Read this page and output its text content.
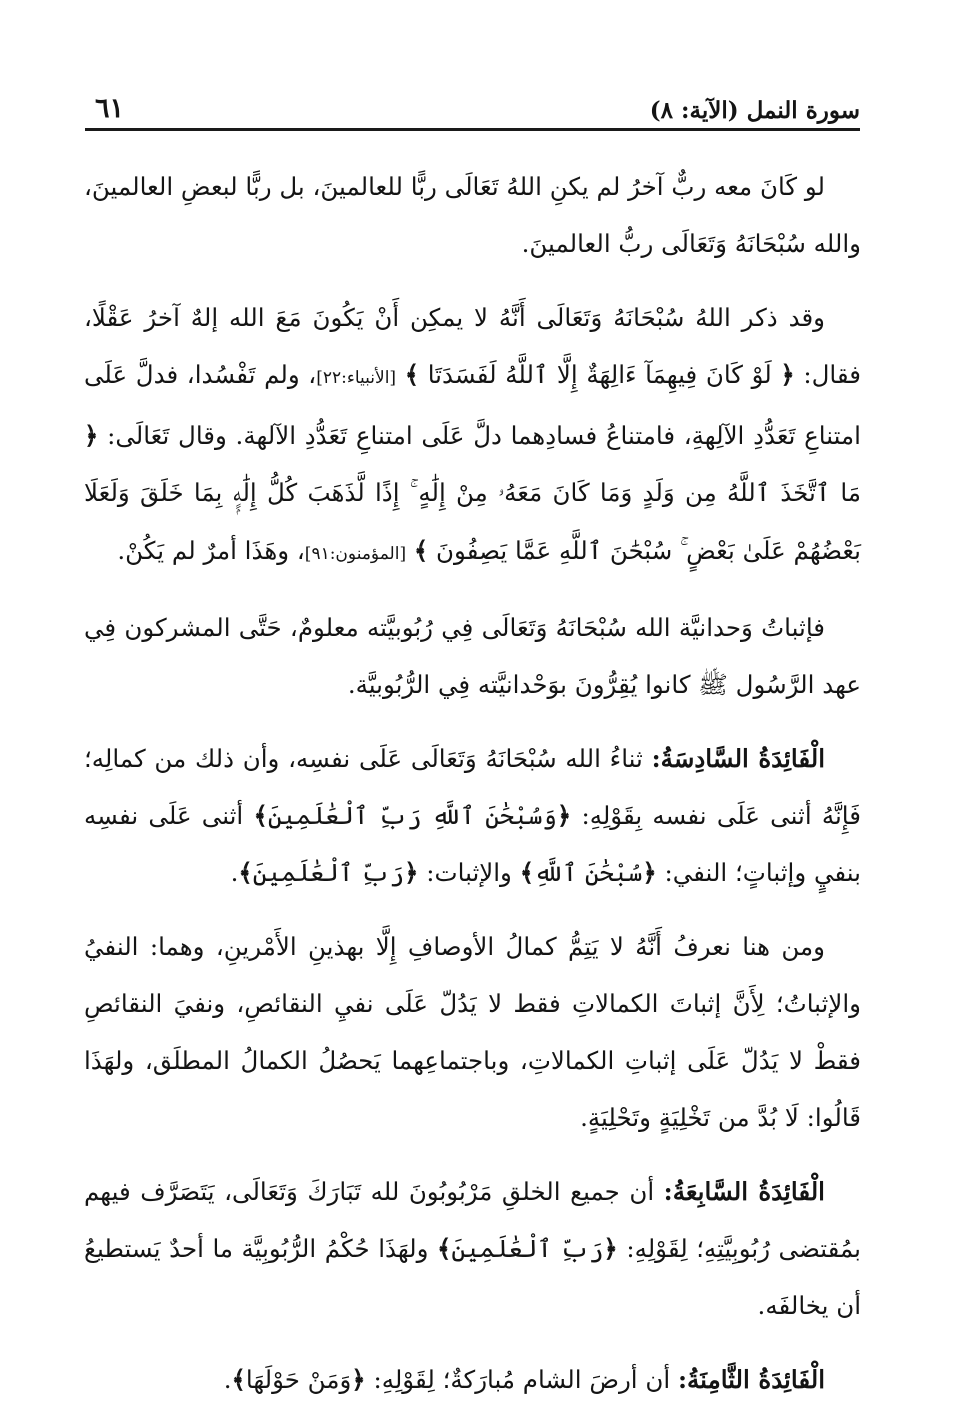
سورة النمل (الآية: ٨)
٦١

لو كَانَ معه ربٌّ آخرُ لم يكنِ اللهُ تَعَالَى ربًّا للعالمينَ، بل ربًّا لبعضِ العالمينَ، والله سُبْحَانَهُ وَتَعَالَى ربُّ العالمينَ.

وقد ذكر اللهُ سُبْحَانَهُ وَتَعَالَى أَنَّهُ لا يمكِن أَنْ يَكُونَ مَعَ الله إلهٌ آخرُ عَقْلًا، فقال: ﴿ لَوْ كَانَ فِيهِمَآ ءَالِهَةٌ إِلَّا ٱللَّهُ لَفَسَدَتَا ﴾ [الأنبياء:٢٢]، ولم تَفْسُدا، فدلَّ عَلَى امتناعِ تَعَدُّدِ الآلِهةِ، فامتناعُ فسادِهما دلَّ عَلَى امتناعِ تَعَدُّدِ الآلهة. وقال تَعَالَى: ﴿ مَا ٱتَّخَذَ ٱللَّهُ مِن وَلَدٍ وَمَا كَانَ مَعَهُۥ مِنْ إِلَٰهٍ ۚ إِذًا لَّذَهَبَ كُلُّ إِلَٰهٍۭ بِمَا خَلَقَ وَلَعَلَا بَعْضُهُمْ عَلَىٰ بَعْضٍ ۚ سُبْحَٰنَ ٱللَّهِ عَمَّا يَصِفُونَ ﴾ [المؤمنون:٩١]، وهَذَا أمرٌ لم يَكُنْ.

فإثباتُ وَحدانيَّة الله سُبْحَانَهُ وَتَعَالَى فِي رُبُوبيَّته معلومٌ، حَتَّى المشركون فِي عهد الرَّسُول ﷺ كانوا يُقِرُّونَ بوَحْدانيَّته فِي الرُّبُوبيَّة.

الْفَائِدَةُ السَّادِسَةُ: ثناءُ الله سُبْحَانَهُ وَتَعَالَى عَلَى نفسِه، وأن ذلك من كمالِه؛ فَإِنَّهُ أثنى عَلَى نفسه بِقَوْلِهِ: ﴿وَسُبْحَٰنَ ٱللَّهِ رَبِّ ٱلْعَٰلَمِينَ﴾ أثنى عَلَى نفسِه بنفيٍ وإثباتٍ؛ النفي: ﴿سُبْحَٰنَ ٱللَّهِ﴾ والإثبات: ﴿رَبِّ ٱلْعَٰلَمِينَ﴾.

ومن هنا نعرفُ أَنَّهُ لا يَتِمُّ كمالُ الأوصافِ إِلَّا بهذينِ الأَمْرينِ، وهما: النفيُ والإثباتُ؛ لِأَنَّ إثباتَ الكمالاتِ فقط لا يَدُلّ عَلَى نفيِ النقائصِ، ونفيَ النقائصِ فقطْ لا يَدُلّ عَلَى إثباتِ الكمالاتِ، وباجتماعِهما يَحصُلُ الكمالُ المطلَق، ولهَذَا قَالُوا: لَا بُدَّ من تَخْلِيَةٍ وتَحْلِيَةٍ.

الْفَائِدَةُ السَّابِعَةُ: أن جميع الخلقِ مَرْبُوبُونَ لله تَبَارَكَ وَتَعَالَى، يَتَصَرَّف فيهم بمُقتضى رُبُوبِيَّتِهِ؛ لِقَوْلِهِ: ﴿رَبِّ ٱلْعَٰلَمِينَ﴾ ولهَذَا حُكْمُ الرُّبُوبِيَّة ما أحدٌ يَستطيعُ أن يخالفَه.

الْفَائِدَةُ الثَّامِنَةُ: أن أرضَ الشام مُبارَكةٌ؛ لِقَوْلِهِ: ﴿وَمَنْ حَوْلَهَا﴾.
